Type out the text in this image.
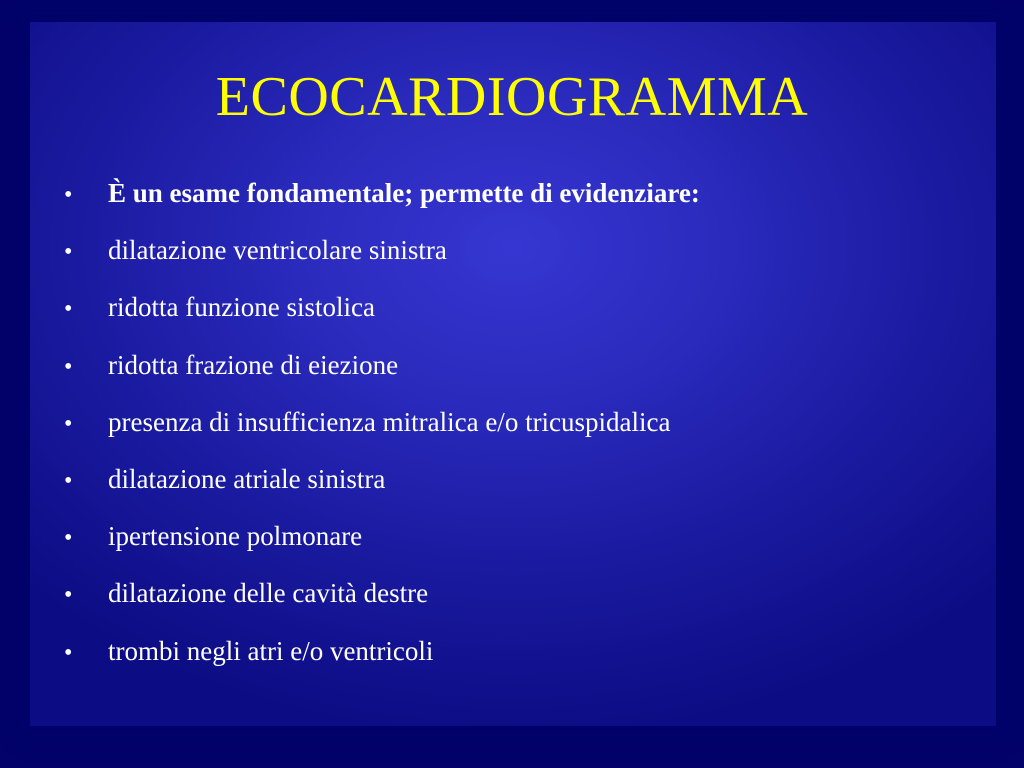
ECOCARDIOGRAMMA
•	È un esame fondamentale; permette di evidenziare:
•	dilatazione ventricolare sinistra
•	ridotta funzione sistolica
•	ridotta frazione di eiezione
•	presenza di insufficienza mitralica e/o tricuspidalica
•	dilatazione atriale sinistra
•	ipertensione polmonare
•	dilatazione delle cavità destre
•	trombi negli atri e/o ventricoli
